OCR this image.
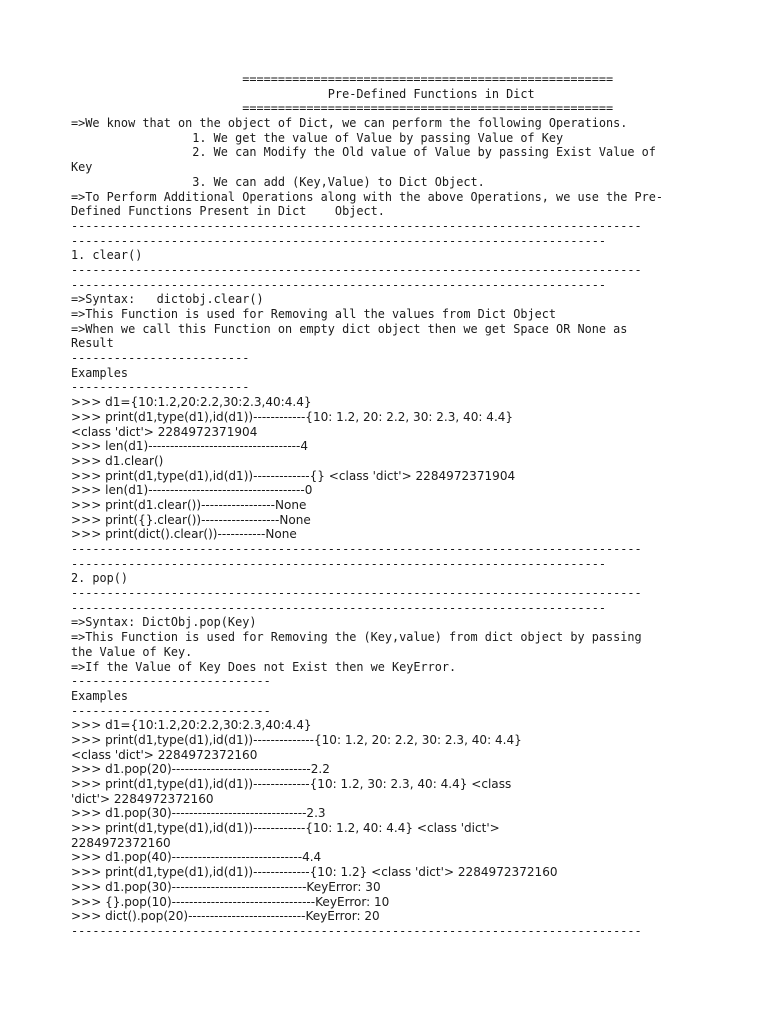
====================================================
Pre-Defined Functions in Dict
====================================================
=>We know that on the object of Dict, we can perform the following Operations.
1. We get the value of Value by passing Value of Key
2. We can Modify the Old value of Value by passing Exist Value of
Key
3. We can add (Key,Value) to Dict Object.
=>To Perform Additional Operations along with the above Operations, we use the Pre-
Defined Functions Present in Dict    Object.
--------------------------------------------------------------------------------
---------------------------------------------------------------------------
1. clear()
--------------------------------------------------------------------------------
---------------------------------------------------------------------------
=>Syntax:   dictobj.clear()
=>This Function is used for Removing all the values from Dict Object
=>When we call this Function on empty dict object then we get Space OR None as
Result
-------------------------
Examples
-------------------------
>>> d1={10:1.2,20:2.2,30:2.3,40:4.4}
>>> print(d1,type(d1),id(d1))------------{10: 1.2, 20: 2.2, 30: 2.3, 40: 4.4}
<class 'dict'> 2284972371904
>>> len(d1)-----------------------------------4
>>> d1.clear()
>>> print(d1,type(d1),id(d1))-------------{} <class 'dict'> 2284972371904
>>> len(d1)------------------------------------0
>>> print(d1.clear())-----------------None
>>> print({}.clear())------------------None
>>> print(dict().clear())-----------None
--------------------------------------------------------------------------------
---------------------------------------------------------------------------
2. pop()
--------------------------------------------------------------------------------
---------------------------------------------------------------------------
=>Syntax: DictObj.pop(Key)
=>This Function is used for Removing the (Key,value) from dict object by passing
the Value of Key.
=>If the Value of Key Does not Exist then we KeyError.
----------------------------
Examples
----------------------------
>>> d1={10:1.2,20:2.2,30:2.3,40:4.4}
>>> print(d1,type(d1),id(d1))--------------{10: 1.2, 20: 2.2, 30: 2.3, 40: 4.4}
<class 'dict'> 2284972372160
>>> d1.pop(20)--------------------------------2.2
>>> print(d1,type(d1),id(d1))-------------{10: 1.2, 30: 2.3, 40: 4.4} <class
'dict'> 2284972372160
>>> d1.pop(30)-------------------------------2.3
>>> print(d1,type(d1),id(d1))------------{10: 1.2, 40: 4.4} <class 'dict'>
2284972372160
>>> d1.pop(40)------------------------------4.4
>>> print(d1,type(d1),id(d1))-------------{10: 1.2} <class 'dict'> 2284972372160
>>> d1.pop(30)-------------------------------KeyError: 30
>>> {}.pop(10)---------------------------------KeyError: 10
>>> dict().pop(20)---------------------------KeyError: 20
--------------------------------------------------------------------------------
